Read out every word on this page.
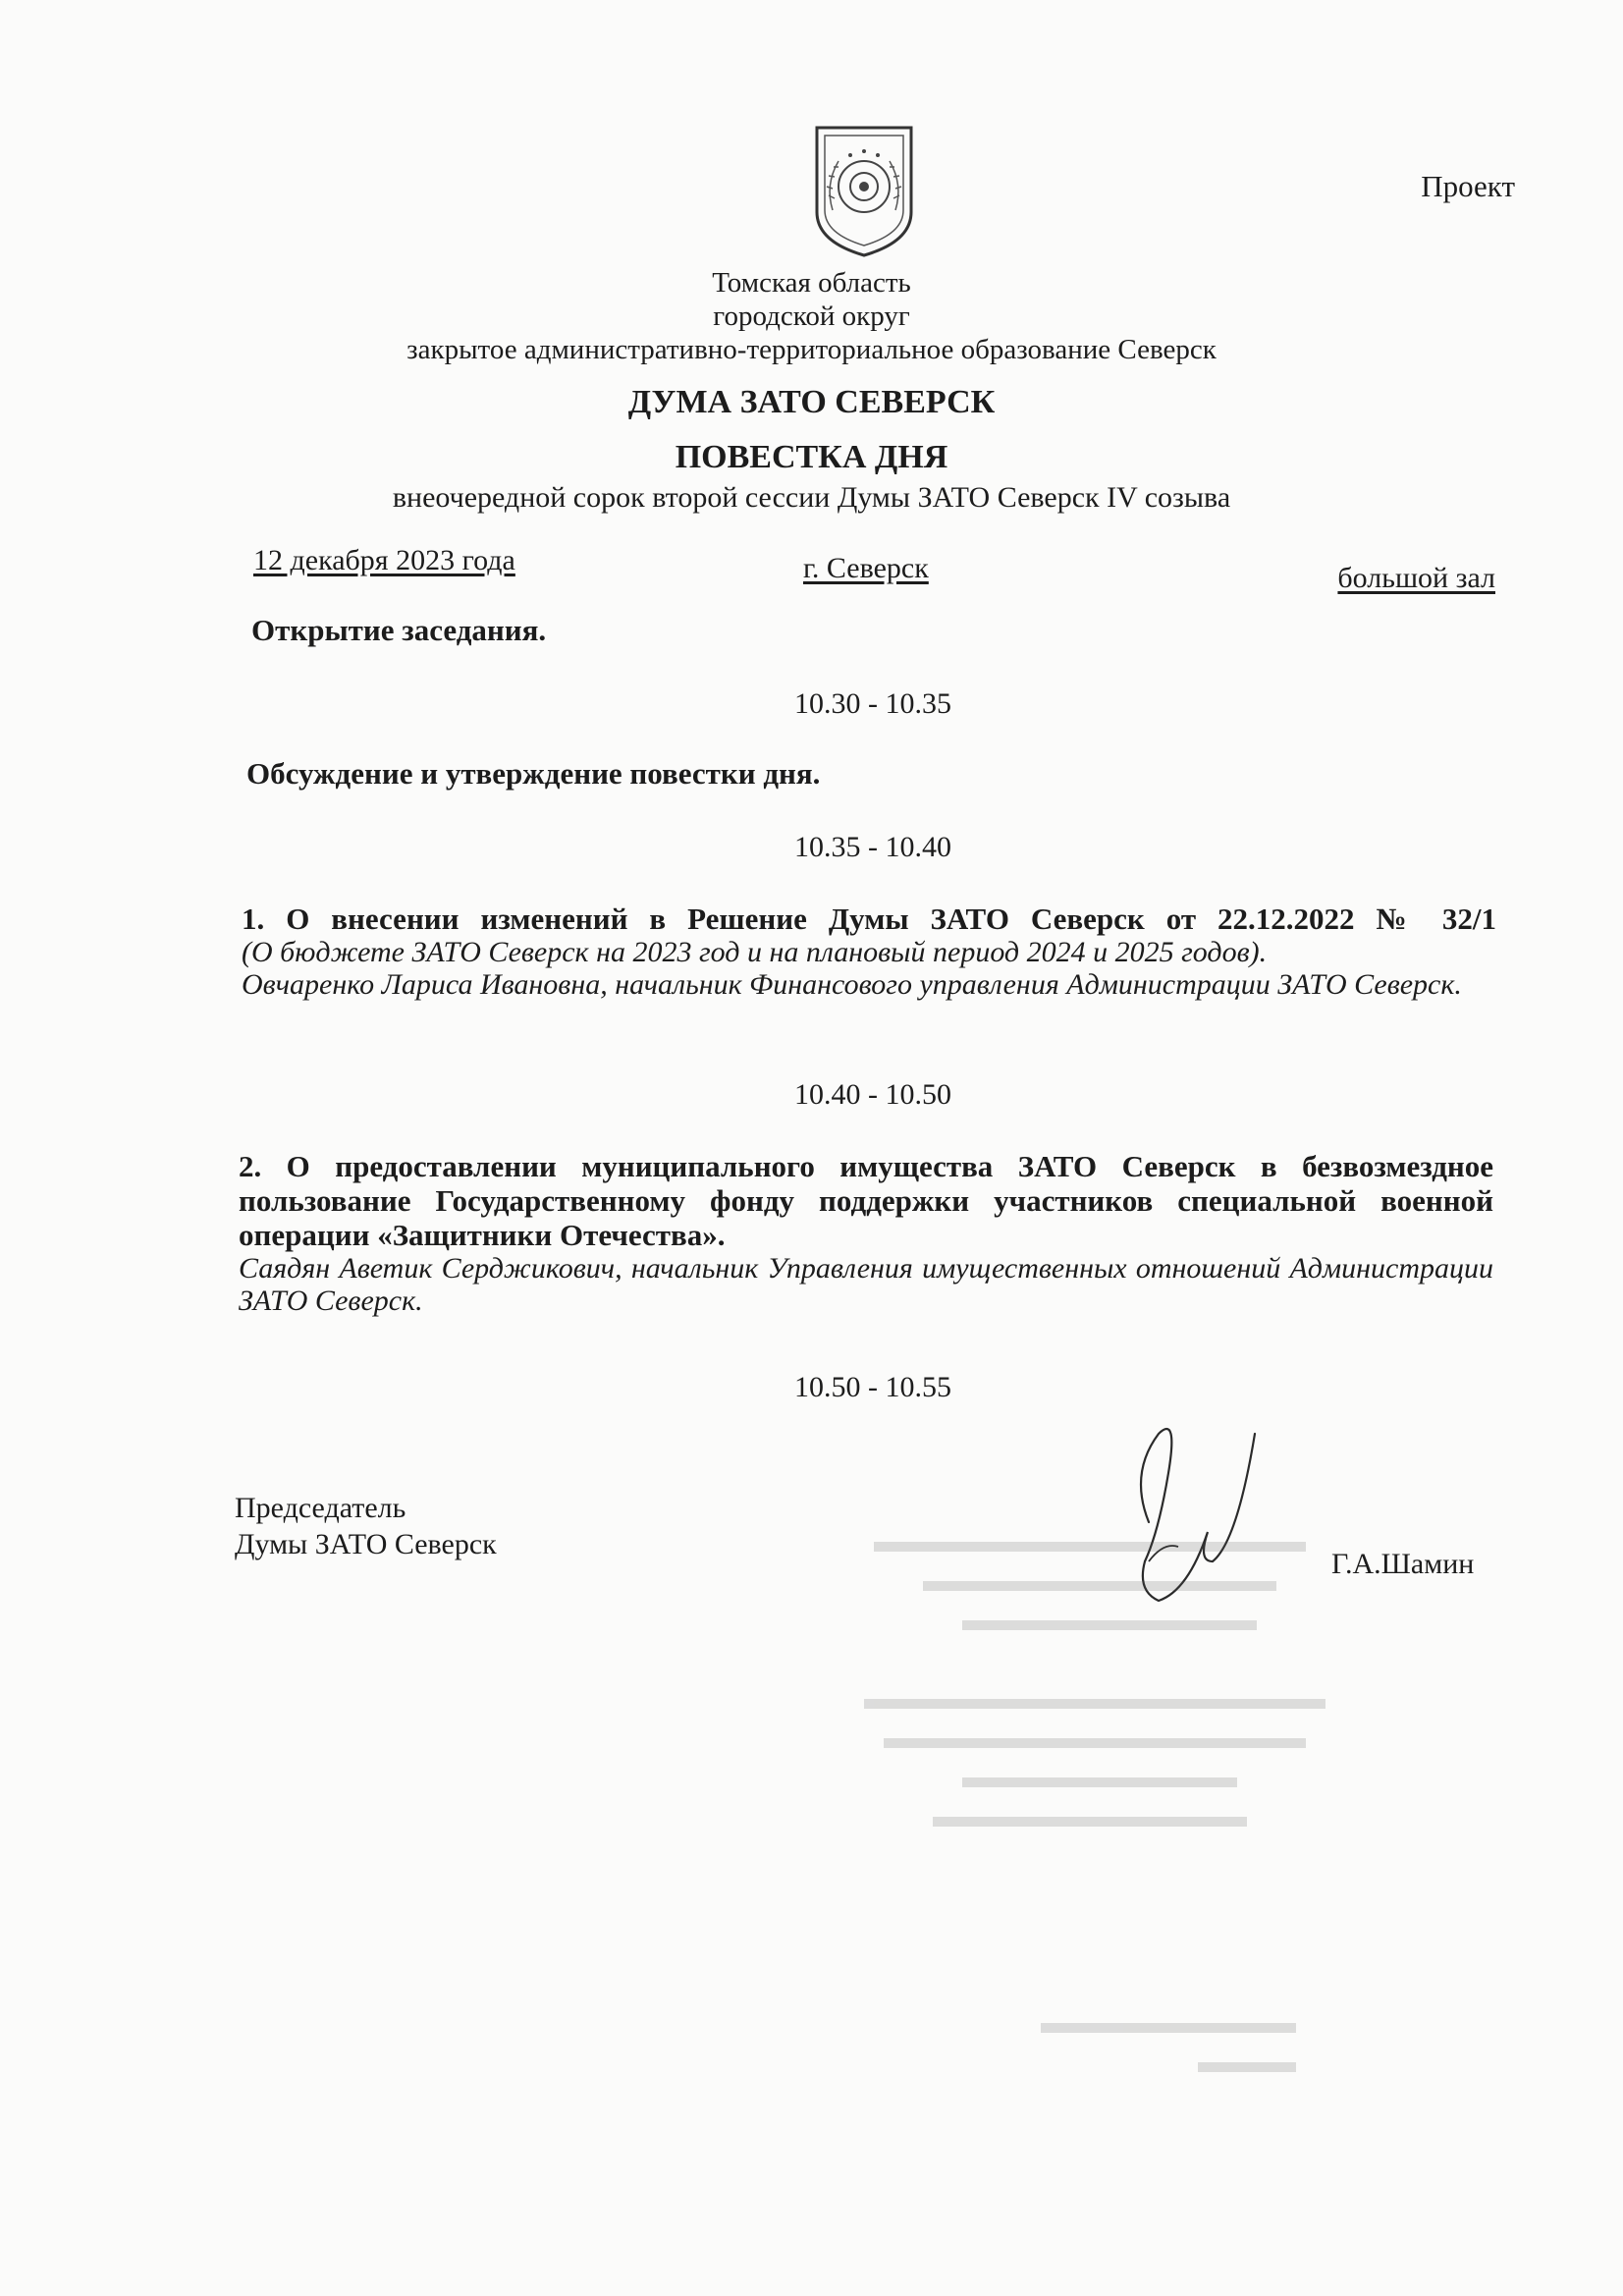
Проект
Томская область
городской округ
закрытое административно-территориальное образование Северск
ДУМА ЗАТО СЕВЕРСК
ПОВЕСТКА ДНЯ
внеочередной сорок второй сессии Думы ЗАТО Северск IV созыва
12 декабря 2023 года	г. Северск	большой зал
Открытие заседания.
10.30 - 10.35
Обсуждение и утверждение повестки дня.
10.35 - 10.40
1. О внесении изменений в Решение Думы ЗАТО Северск от 22.12.2022 № 32/1
(О бюджете ЗАТО Северск на 2023 год и на плановый период 2024 и 2025 годов).
Овчаренко Лариса Ивановна, начальник Финансового управления Администрации ЗАТО Северск.
10.40 - 10.50
2. О предоставлении муниципального имущества ЗАТО Северск в безвозмездное пользование Государственному фонду поддержки участников специальной военной операции «Защитники Отечества».
Саядян Аветик Серджикович, начальник Управления имущественных отношений Администрации ЗАТО Северск.
10.50 - 10.55
Председатель
Думы ЗАТО Северск
Г.А.Шамин
